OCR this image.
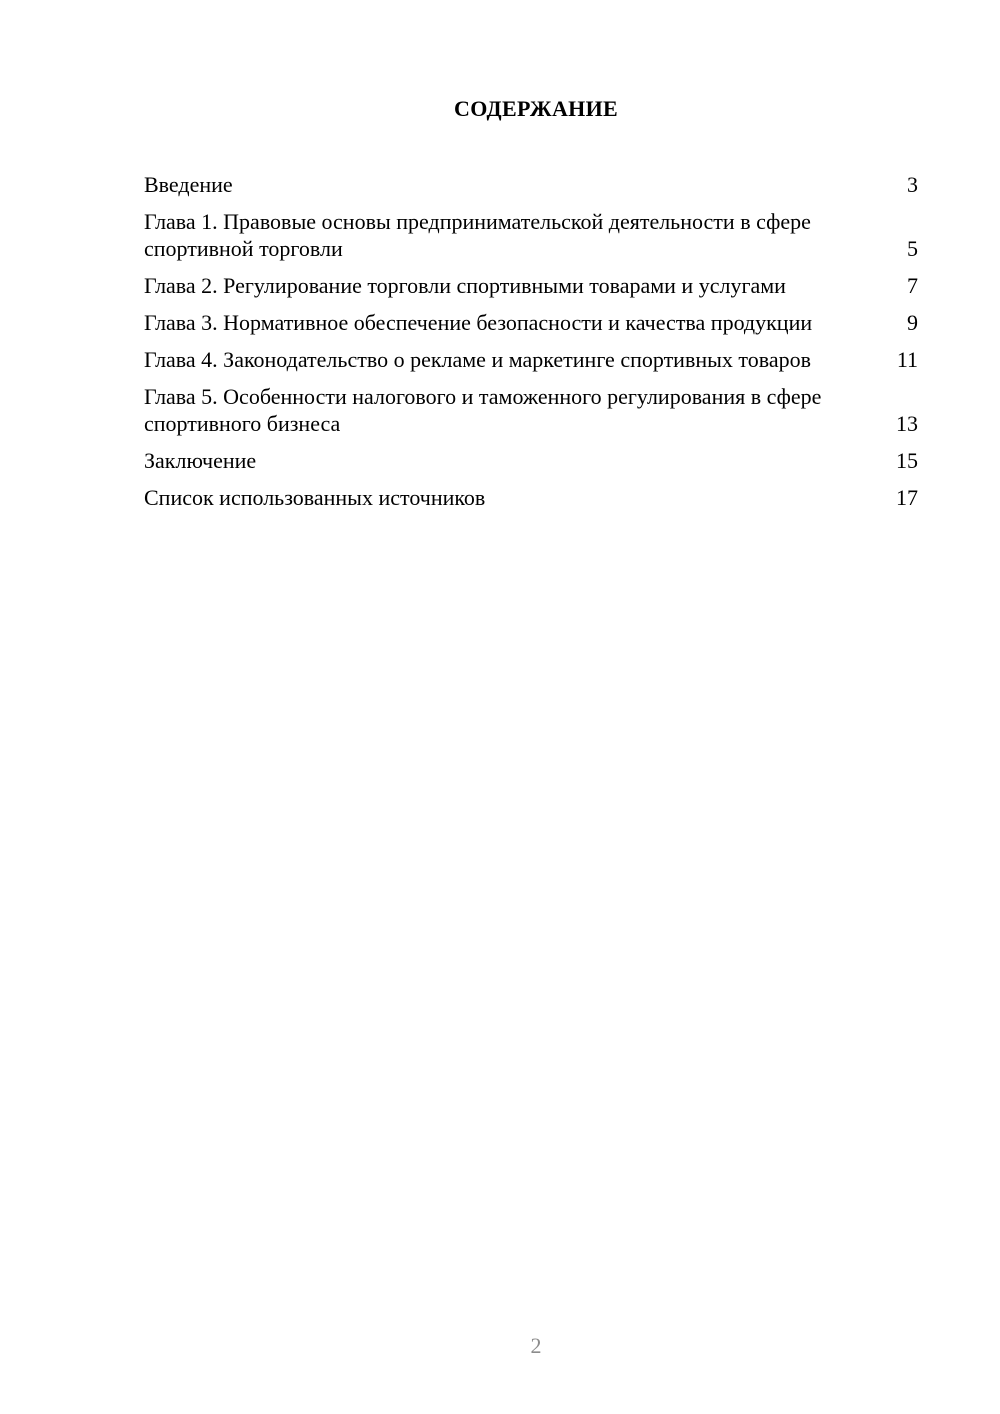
СОДЕРЖАНИЕ
Введение	3
Глава 1. Правовые основы предпринимательской деятельности в сфере спортивной торговли	5
Глава 2. Регулирование торговли спортивными товарами и услугами	7
Глава 3. Нормативное обеспечение безопасности и качества продукции	9
Глава 4. Законодательство о рекламе и маркетинге спортивных товаров	11
Глава 5. Особенности налогового и таможенного регулирования в сфере спортивного бизнеса	13
Заключение	15
Список использованных источников	17
2
